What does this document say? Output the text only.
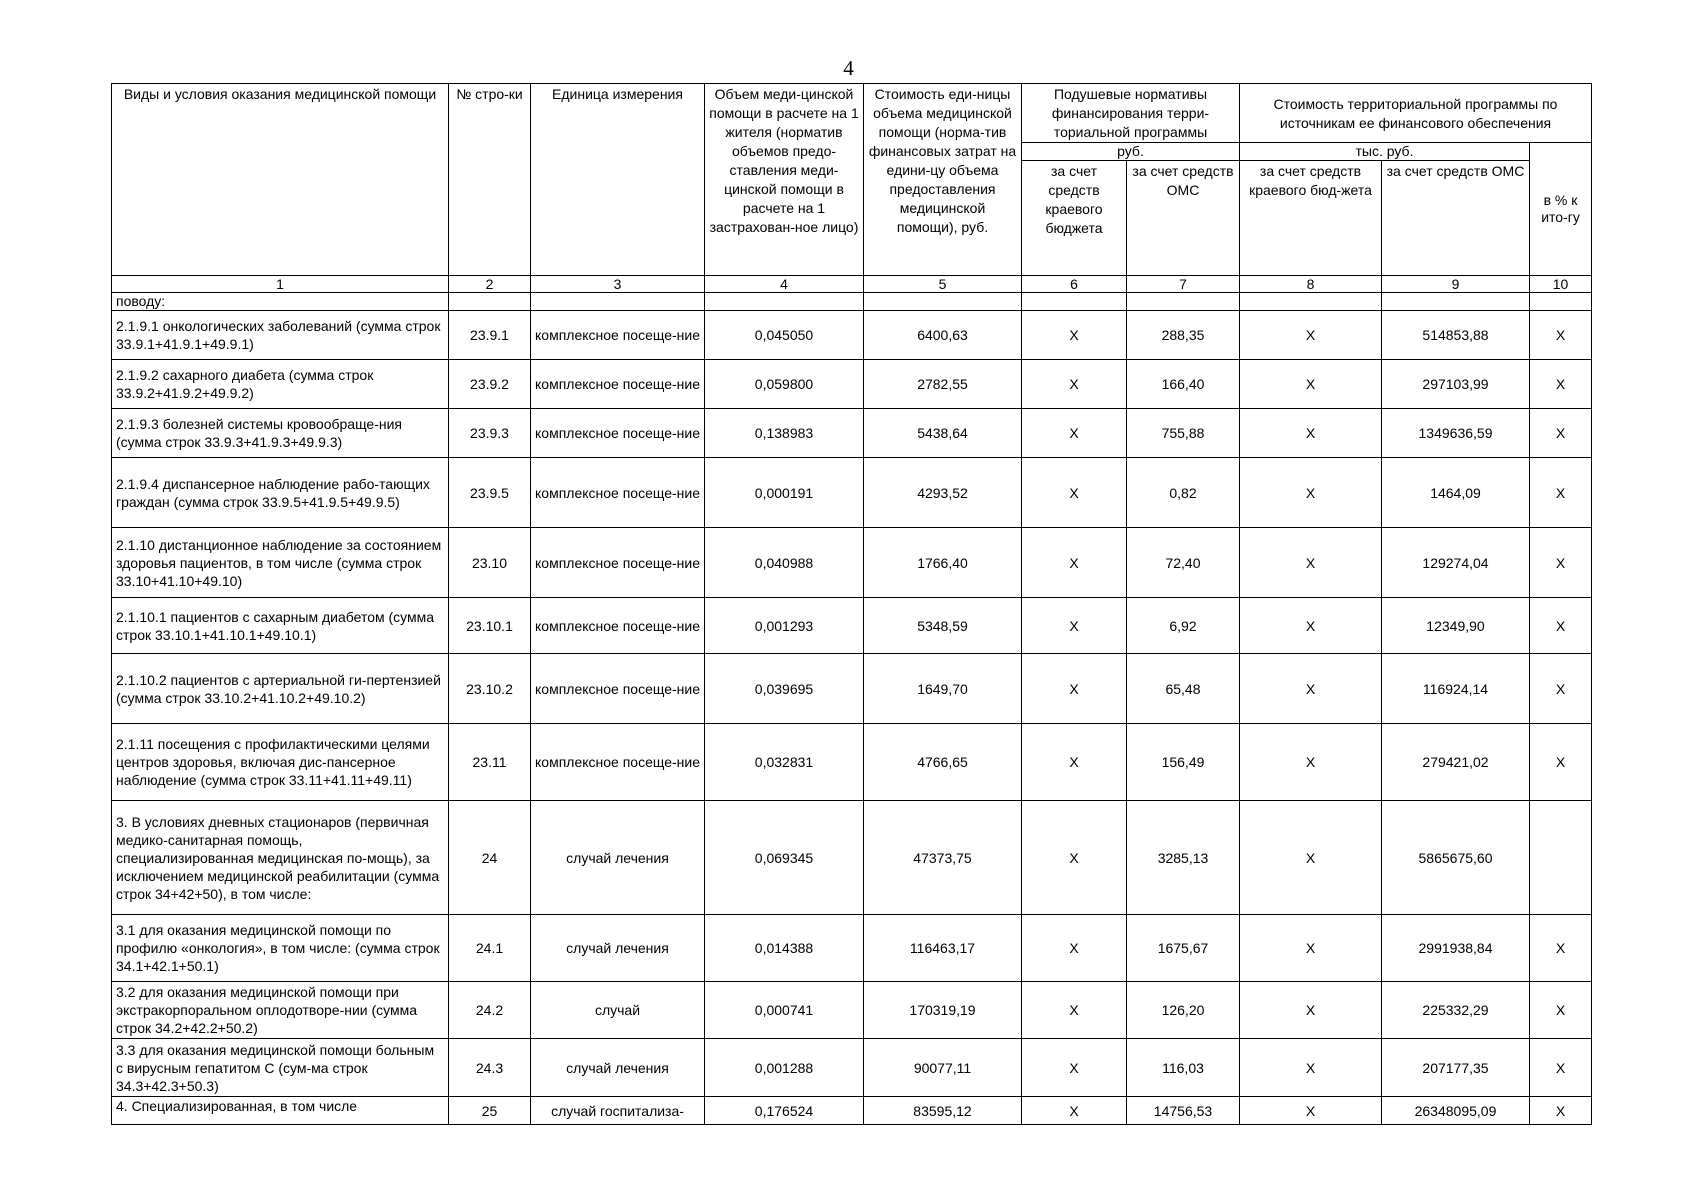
4
Виды и условия оказания медицинской помощи	№ стро-ки	Единица измерения	Объем меди-цинской помощи в расчете на 1 жителя (норматив объемов предо-ставления меди-цинской помощи в расчете на 1 застрахован-ное лицо)	Стоимость еди-ницы объема медицинской помощи (норма-тив финансовых затрат на едини-цу объема предоставления медицинской помощи), руб.	Подушевые нормативы финансирования терри-ториальной программы		Стоимость территориальной программы по источникам ее финансового обеспечения		
					руб.		тыс. руб.		в % к ито-гу
					за счет средств краевого бюджета	за счет средств ОМС	за счет средств краевого бюд-жета	за счет средств ОМС	
1	2	3	4	5	6	7	8	9	10
поводу:									
2.1.9.1 онкологических заболеваний (сумма строк 33.9.1+41.9.1+49.9.1)	23.9.1	комплексное посеще-ние	0,045050	6400,63	X	288,35	X	514853,88	X
2.1.9.2 сахарного диабета (сумма строк 33.9.2+41.9.2+49.9.2)	23.9.2	комплексное посеще-ние	0,059800	2782,55	X	166,40	X	297103,99	X
2.1.9.3 болезней системы кровообраще-ния (сумма строк 33.9.3+41.9.3+49.9.3)	23.9.3	комплексное посеще-ние	0,138983	5438,64	X	755,88	X	1349636,59	X
2.1.9.4 диспансерное наблюдение рабо-тающих граждан (сумма строк 33.9.5+41.9.5+49.9.5)	23.9.5	комплексное посеще-ние	0,000191	4293,52	X	0,82	X	1464,09	X
2.1.10 дистанционное наблюдение за состоянием здоровья пациентов, в том числе (сумма строк 33.10+41.10+49.10)	23.10	комплексное посеще-ние	0,040988	1766,40	X	72,40	X	129274,04	X
2.1.10.1 пациентов с сахарным диабетом (сумма строк 33.10.1+41.10.1+49.10.1)	23.10.1	комплексное посеще-ние	0,001293	5348,59	X	6,92	X	12349,90	X
2.1.10.2 пациентов с артериальной ги-пертензией (сумма строк 33.10.2+41.10.2+49.10.2)	23.10.2	комплексное посеще-ние	0,039695	1649,70	X	65,48	X	116924,14	X
2.1.11 посещения с профилактическими целями центров здоровья, включая дис-пансерное наблюдение (сумма строк 33.11+41.11+49.11)	23.11	комплексное посеще-ние	0,032831	4766,65	X	156,49	X	279421,02	X
3. В условиях дневных стационаров (первичная медико-санитарная помощь, специализированная медицинская по-мощь), за исключением медицинской реабилитации (сумма строк 34+42+50), в том числе:	24	случай лечения	0,069345	47373,75	X	3285,13	X	5865675,60	
3.1 для оказания медицинской помощи по профилю «онкология», в том числе: (сумма строк 34.1+42.1+50.1)	24.1	случай лечения	0,014388	116463,17	X	1675,67	X	2991938,84	X
3.2 для оказания медицинской помощи при экстракорпоральном оплодотворе-нии (сумма строк 34.2+42.2+50.2)	24.2	случай	0,000741	170319,19	X	126,20	X	225332,29	X
3.3 для оказания медицинской помощи больным с вирусным гепатитом С (сум-ма строк 34.3+42.3+50.3)	24.3	случай лечения	0,001288	90077,11	X	116,03	X	207177,35	X
4. Специализированная, в том числе	25	случай госпитализа-	0,176524	83595,12	X	14756,53	X	26348095,09	X
